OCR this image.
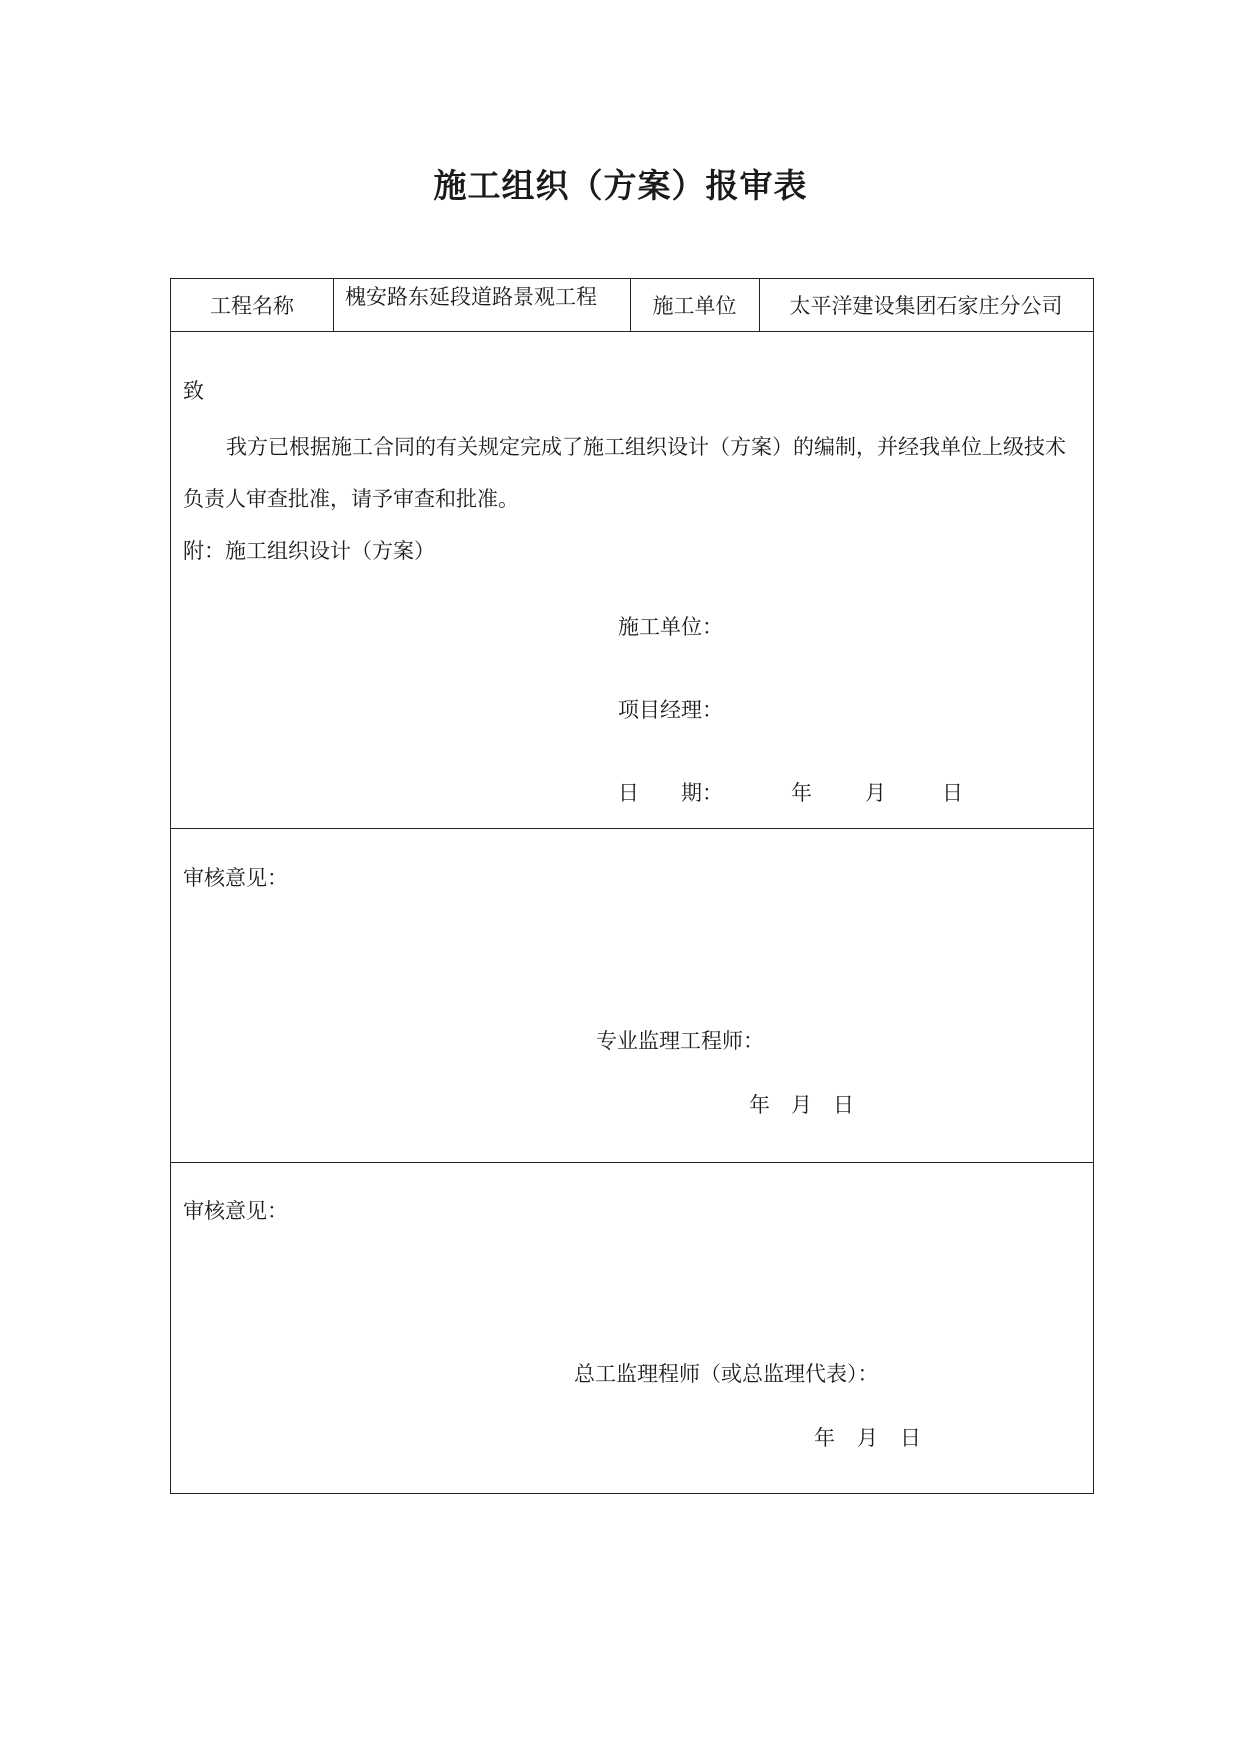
施工组织（方案）报审表
工程名称	槐安路东延段道路景观工程	施工单位	太平洋建设集团石家庄分公司
致
我方已根据施工合同的有关规定完成了施工组织设计（方案）的编制，并经我单位上级技术负责人审查批准，请予审查和批准。
附：施工组织设计（方案）
施工单位：
项目经理：
日　　期：	年	月	日
审核意见：
专业监理工程师：
年 月 日
审核意见：
总工监理程师（或总监理代表）：
年 月 日
